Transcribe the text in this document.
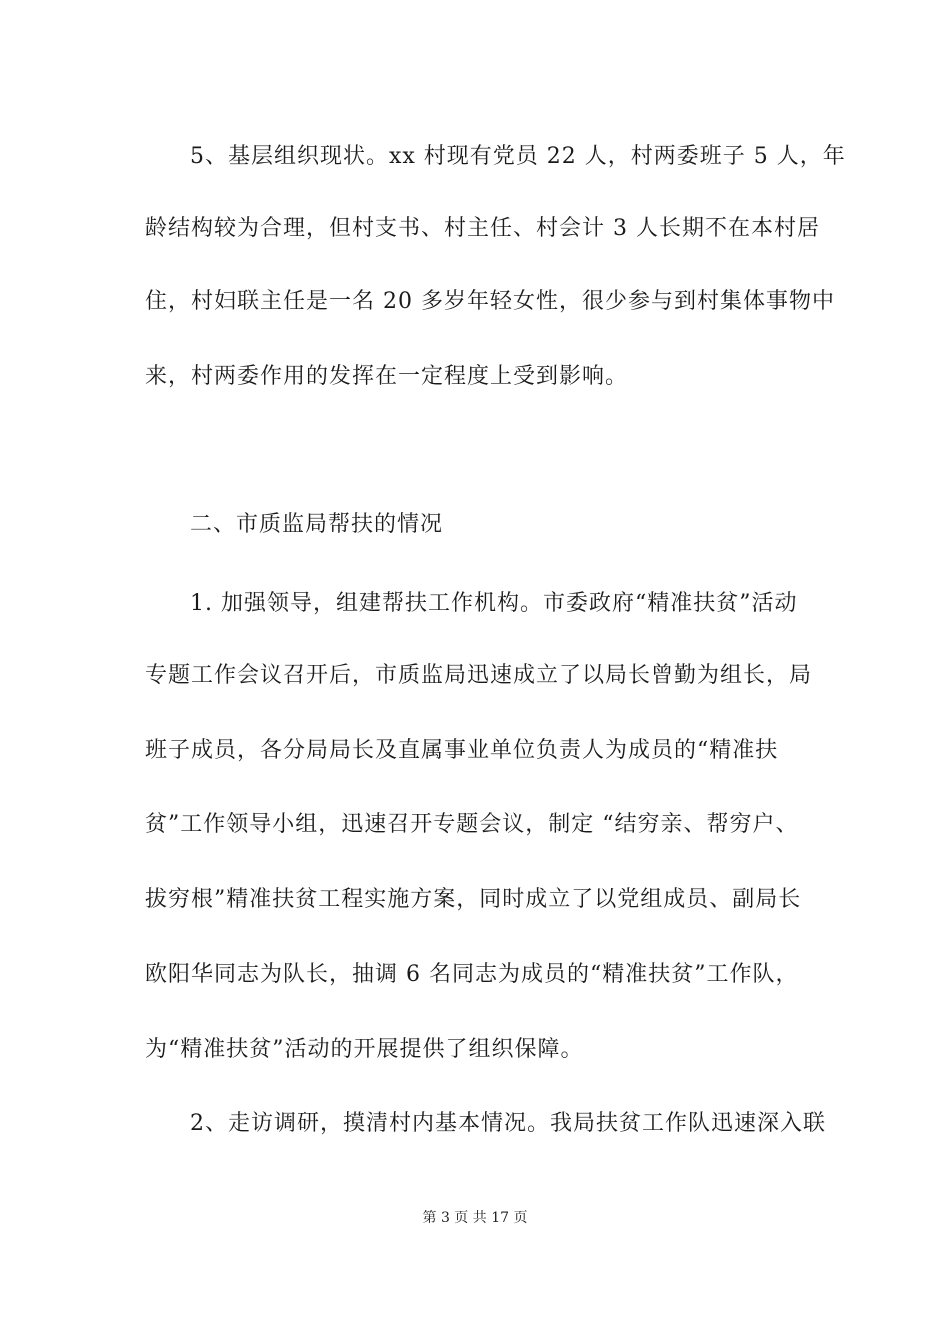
5、基层组织现状。xx 村现有党员 22 人，村两委班子 5 人，年
龄结构较为合理，但村支书、村主任、村会计 3 人长期不在本村居
住，村妇联主任是一名 20 多岁年轻女性，很少参与到村集体事物中
来，村两委作用的发挥在一定程度上受到影响。
二、市质监局帮扶的情况
1. 加强领导，组建帮扶工作机构。市委政府“精准扶贫”活动
专题工作会议召开后，市质监局迅速成立了以局长曾勤为组长，局
班子成员，各分局局长及直属事业单位负责人为成员的“精准扶
贫”工作领导小组，迅速召开专题会议，制定 “结穷亲、帮穷户、
拔穷根”精准扶贫工程实施方案，同时成立了以党组成员、副局长
欧阳华同志为队长，抽调 6 名同志为成员的“精准扶贫”工作队，
为“精准扶贫”活动的开展提供了组织保障。
2、走访调研，摸清村内基本情况。我局扶贫工作队迅速深入联
第 3 页 共 17 页
